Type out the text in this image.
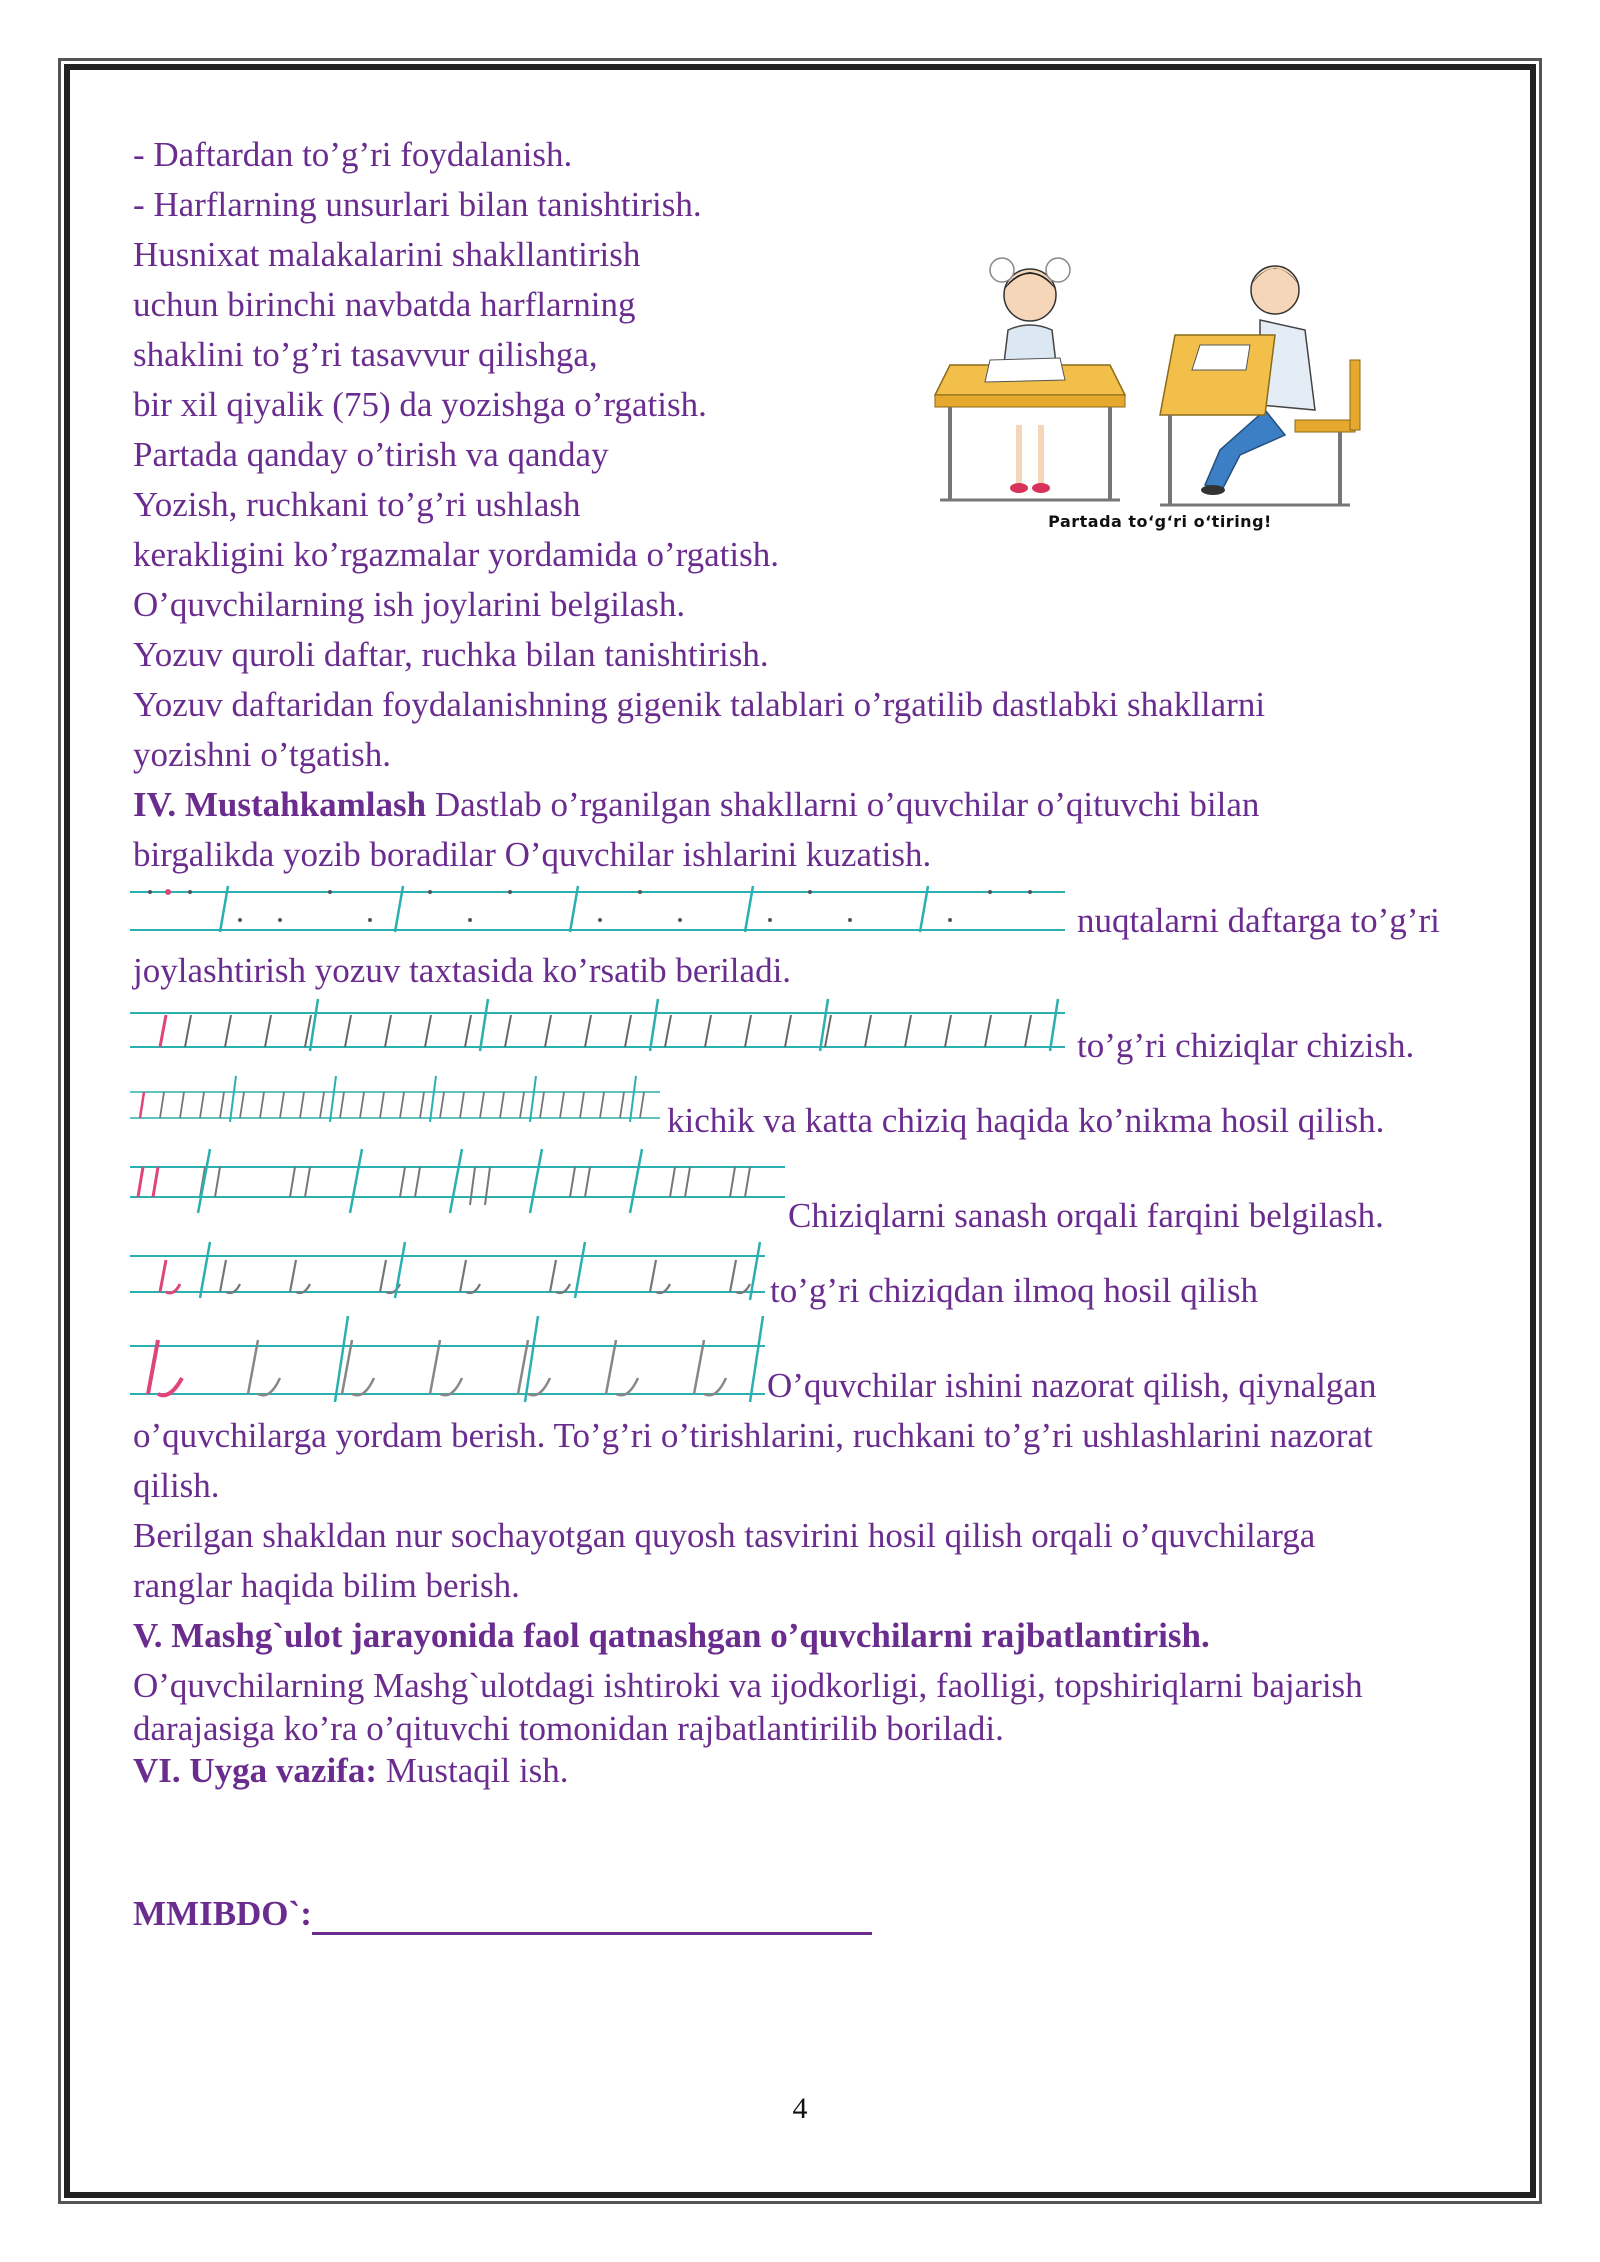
- Daftardan to’g’ri foydalanish.
- Harflarning unsurlari bilan tanishtirish.
Husnixat malakalarini shakllantirish
uchun birinchi navbatda harflarning
shaklini to’g’ri tasavvur qilishga,
bir xil qiyalik (75) da yozishga o’rgatish.
Partada qanday o’tirish va qanday
Yozish, ruchkani to’g’ri ushlash
kerakligini ko’rgazmalar yordamida o’rgatish.
O’quvchilarning ish joylarini belgilash.
Yozuv quroli daftar, ruchka bilan tanishtirish.
Yozuv daftaridan foydalanishning gigenik talablari o’rgatilib dastlabki shakllarni
yozishni o’tgatish.
IV. Mustahkamlash Dastlab o’rganilgan shakllarni o’quvchilar o’qituvchi bilan
birgalikda yozib boradilar O’quvchilar ishlarini kuzatish.
nuqtalarni daftarga to’g’ri
joylashtirish yozuv taxtasida ko’rsatib beriladi.
to’g’ri chiziqlar chizish.
kichik va katta chiziq haqida ko’nikma hosil qilish.
Chiziqlarni sanash orqali farqini belgilash.
to’g’ri chiziqdan ilmoq hosil qilish
O’quvchilar ishini nazorat qilish, qiynalgan
o’quvchilarga yordam berish. To’g’ri o’tirishlarini, ruchkani to’g’ri ushlashlarini nazorat
qilish.
Berilgan shakldan nur sochayotgan quyosh tasvirini hosil qilish orqali o’quvchilarga
ranglar haqida bilim berish.
V. Mashg`ulot jarayonida faol qatnashgan o’quvchilarni rajbatlantirish.
O’quvchilarning Mashg`ulotdagi ishtiroki va ijodkorligi, faolligi, topshiriqlarni bajarish
darajasiga ko’ra o’qituvchi tomonidan rajbatlantirilib boriladi.
VI. Uyga vazifa: Mustaqil ish.
MMIBDO`:
Partada to‘g‘ri o‘tiring!
4
